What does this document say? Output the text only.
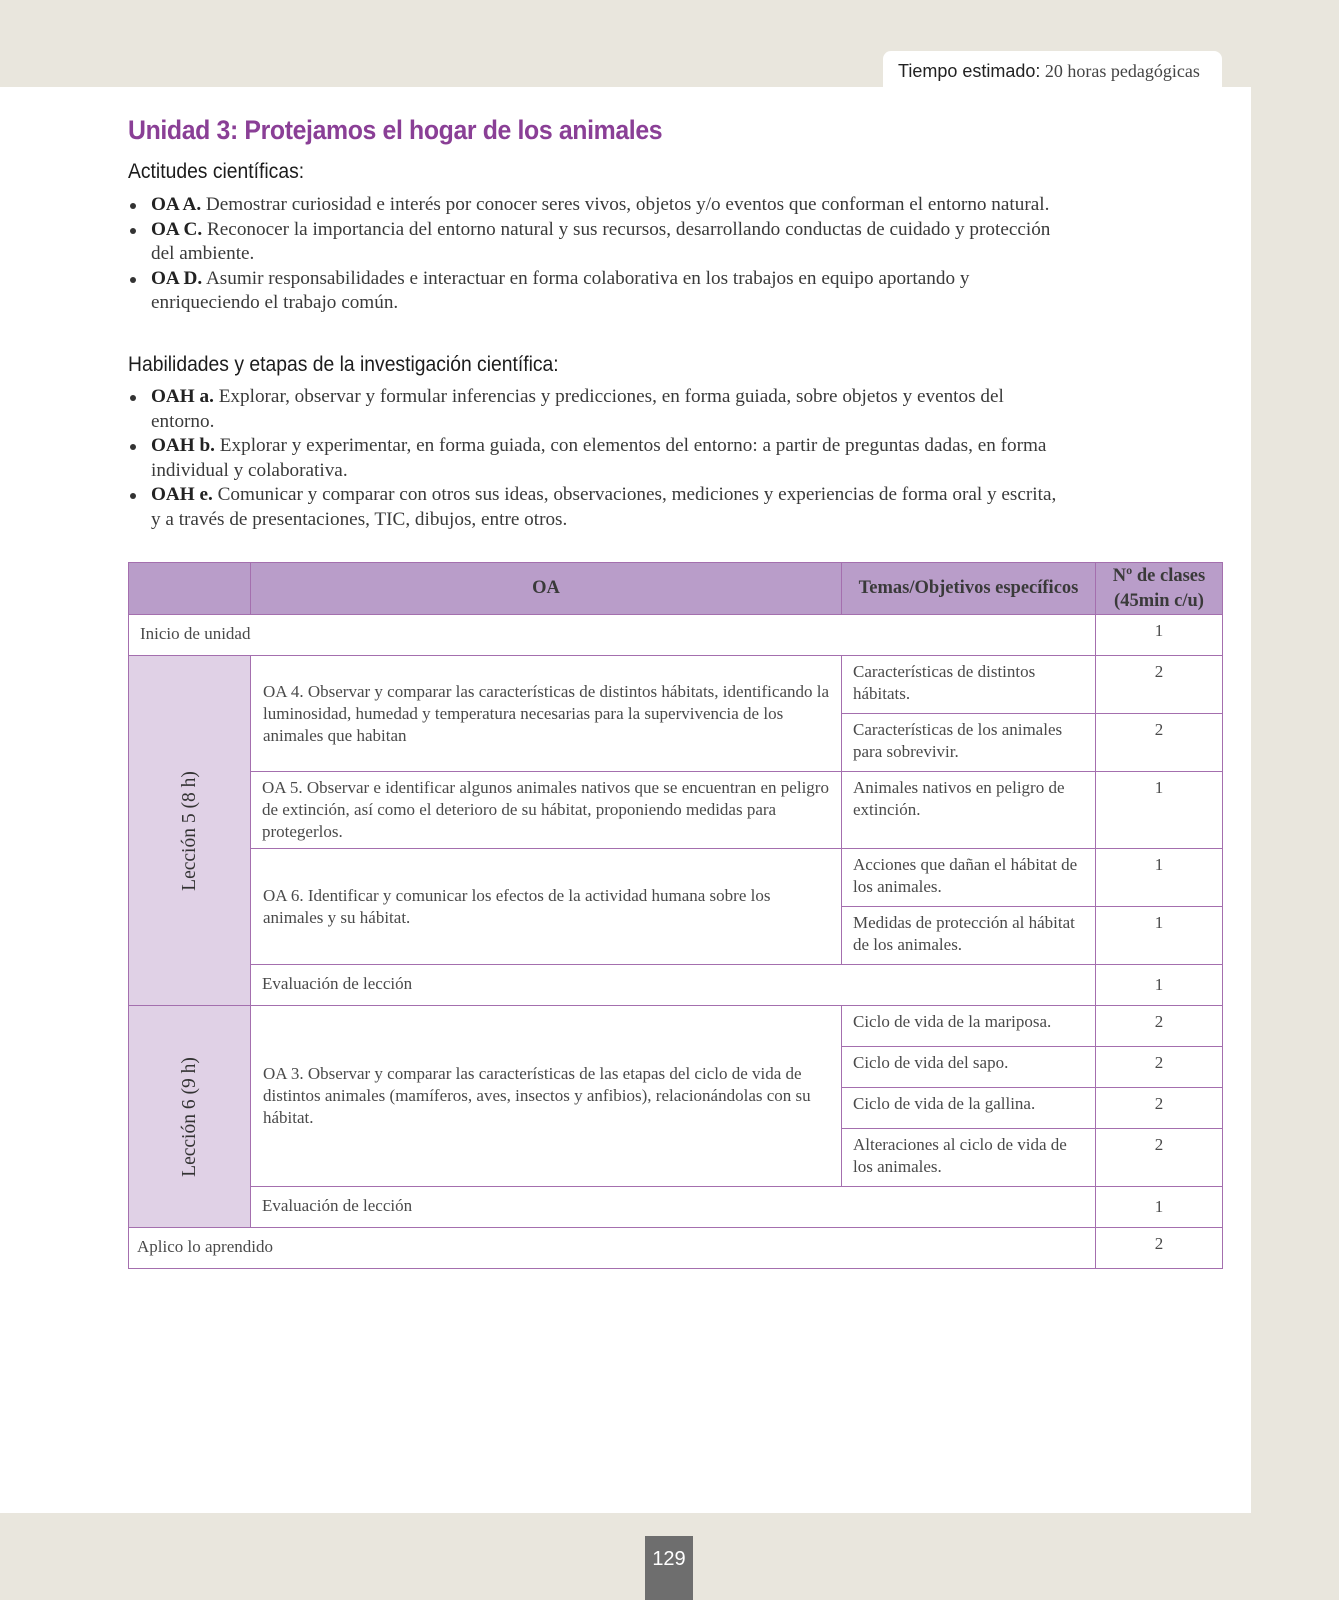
Tiempo estimado: 20 horas pedagógicas
Unidad 3: Protejamos el hogar de los animales
Actitudes científicas:
OA A. Demostrar curiosidad e interés por conocer seres vivos, objetos y/o eventos que conforman el entorno natural.
OA C. Reconocer la importancia del entorno natural y sus recursos, desarrollando conductas de cuidado y protección del ambiente.
OA D. Asumir responsabilidades e interactuar en forma colaborativa en los trabajos en equipo aportando y enriqueciendo el trabajo común.
Habilidades y etapas de la investigación científica:
OAH a. Explorar, observar y formular inferencias y predicciones, en forma guiada, sobre objetos y eventos del entorno.
OAH b. Explorar y experimentar, en forma guiada, con elementos del entorno: a partir de preguntas dadas, en forma individual y colaborativa.
OAH e. Comunicar y comparar con otros sus ideas, observaciones, mediciones y experiencias de forma oral y escrita, y a través de presentaciones, TIC, dibujos, entre otros.
	OA	Temas/Objetivos específicos	Nº de clases (45min c/u)
Inicio de unidad			1
Lección 5 (8 h)	OA 4. Observar y comparar las características de distintos hábitats, identificando la luminosidad, humedad y temperatura necesarias para la supervivencia de los animales que habitan	Características de distintos hábitats.	2
		Características de los animales para sobrevivir.	2
	OA 5. Observar e identificar algunos animales nativos que se encuentran en peligro de extinción, así como el deterioro de su hábitat, proponiendo medidas para protegerlos.	Animales nativos en peligro de extinción.	1
	OA 6. Identificar y comunicar los efectos de la actividad humana sobre los animales y su hábitat.	Acciones que dañan el hábitat de los animales.	1
		Medidas de protección al hábitat de los animales.	1
	Evaluación de lección		1
Lección 6 (9 h)	OA 3. Observar y comparar las características de las etapas del ciclo de vida de distintos animales (mamíferos, aves, insectos y anfibios), relacionándolas con su hábitat.	Ciclo de vida de la mariposa.	2
		Ciclo de vida del sapo.	2
		Ciclo de vida de la gallina.	2
		Alteraciones al ciclo de vida de los animales.	2
	Evaluación de lección		1
Aplico lo aprendido			2
129
